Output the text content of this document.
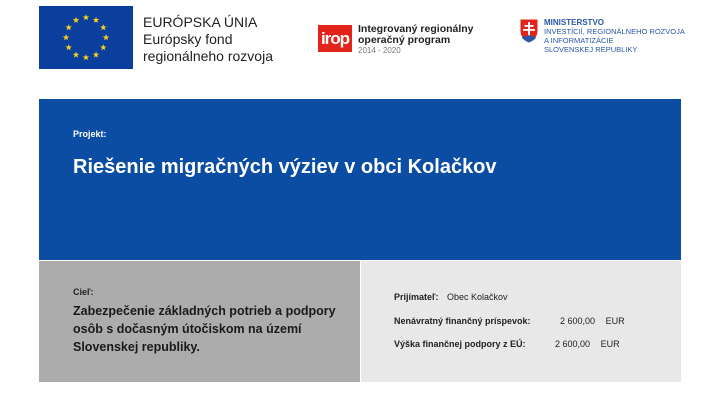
EURÓPSKA ÚNIA
Európsky fond
regionálneho rozvoja
irop Integrovaný regionálny
operačný program
2014 - 2020
MINISTERSTVO
INVESTÍCIÍ, REGIONÁLNEHO ROZVOJA
A INFORMATIZÁCIE
SLOVENSKEJ REPUBLIKY
Projekt:
Riešenie migračných výziev v obci Kolačkov
Cieľ:
Zabezpečenie základných potrieb a podpory osôb s dočasným útočiskom na území Slovenskej republiky.
Prijímateľ: Obec Kolačkov
Nenávratný finančný príspevok:	2 600,00 EUR
Výška finančnej podpory z EÚ:	2 600,00 EUR
